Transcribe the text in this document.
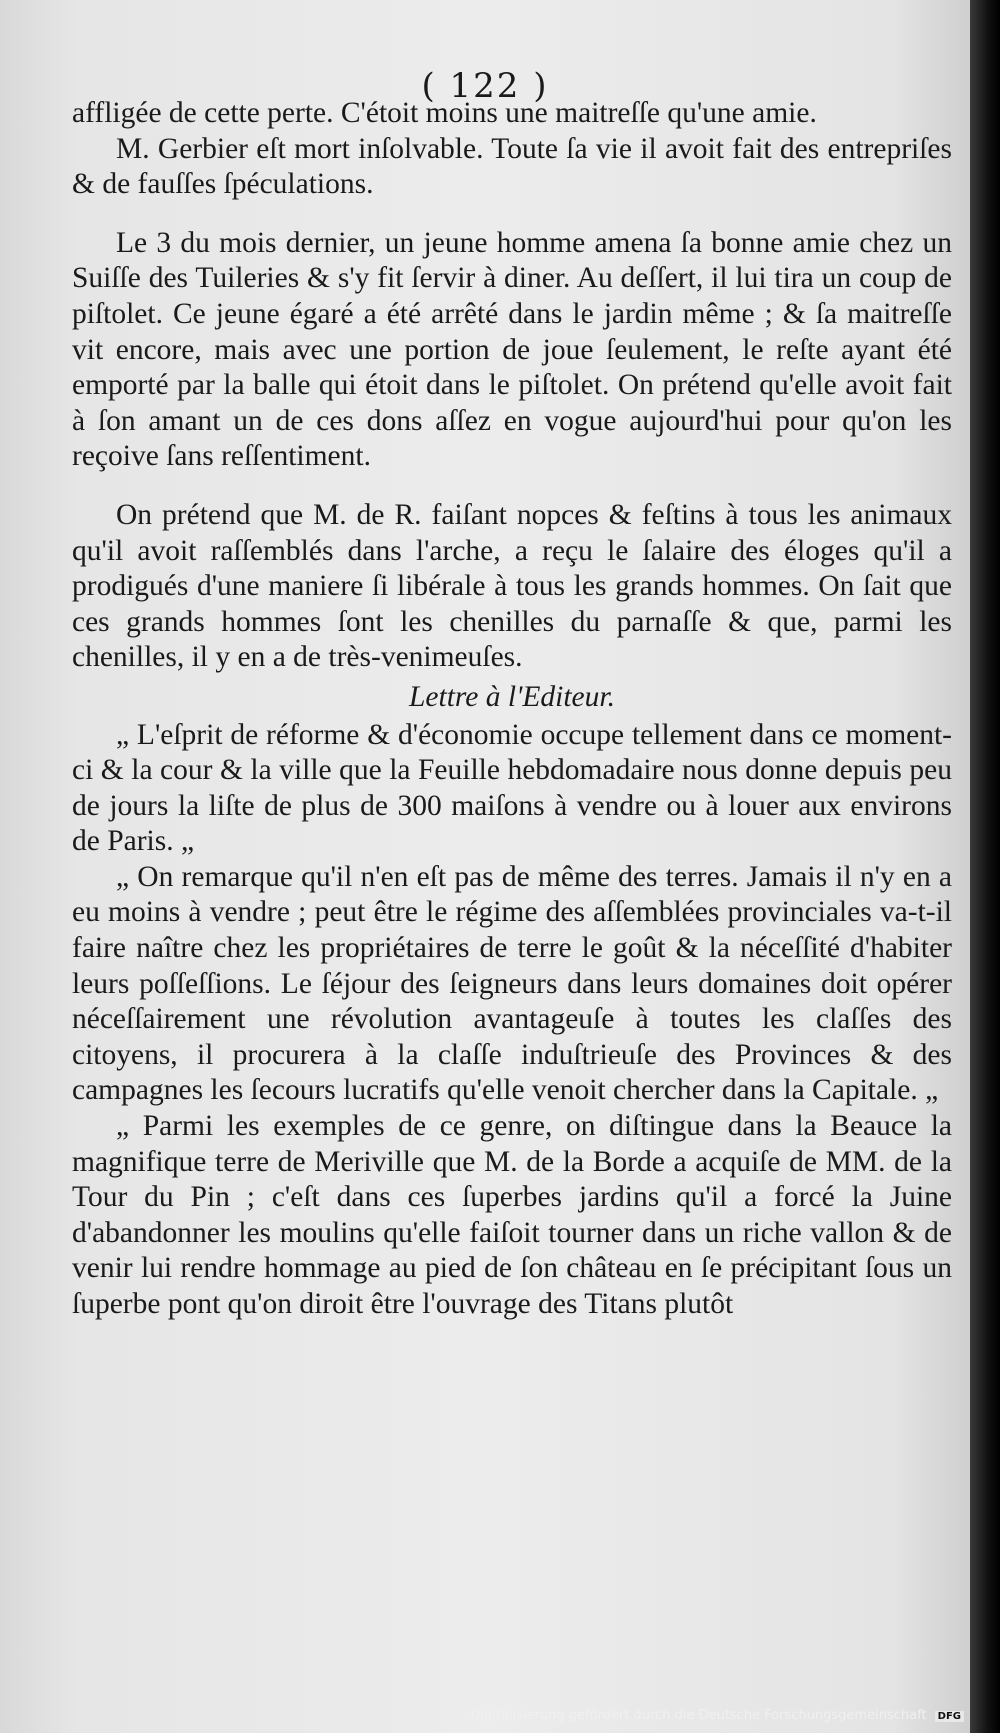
( 122 )

affligée de cette perte. C'étoit moins une maitreſſe qu'une amie.

M. Gerbier eſt mort inſolvable. Toute ſa vie il avoit fait des entrepriſes & de fauſſes ſpéculations.

Le 3 du mois dernier, un jeune homme amena ſa bonne amie chez un Suiſſe des Tuileries & s'y fit ſervir à diner. Au deſſert, il lui tira un coup de piſtolet. Ce jeune égaré a été arrêté dans le jardin même ; & ſa maitreſſe vit encore, mais avec une portion de joue ſeulement, le reſte ayant été emporté par la balle qui étoit dans le piſtolet. On prétend qu'elle avoit fait à ſon amant un de ces dons aſſez en vogue aujourd'hui pour qu'on les reçoive ſans reſſentiment.

On prétend que M. de R. faiſant nopces & feſtins à tous les animaux qu'il avoit raſſemblés dans l'arche, a reçu le ſalaire des éloges qu'il a prodigués d'une maniere ſi libérale à tous les grands hommes. On ſait que ces grands hommes ſont les chenilles du parnaſſe & que, parmi les chenilles, il y en a de très-venimeuſes.

Lettre à l'Editeur.

„ L'eſprit de réforme & d'économie occupe tellement dans ce moment-ci & la cour & la ville que la Feuille hebdomadaire nous donne depuis peu de jours la liſte de plus de 300 maiſons à vendre ou à louer aux environs de Paris. „

„ On remarque qu'il n'en eſt pas de même des terres. Jamais il n'y en a eu moins à vendre ; peut être le régime des aſſemblées provinciales va-t-il faire naître chez les propriétaires de terre le goût & la néceſſité d'habiter leurs poſſeſſions. Le ſéjour des ſeigneurs dans leurs domaines doit opérer néceſſairement une révolution avantageuſe à toutes les claſſes des citoyens, il procurera à la claſſe induſtrieuſe des Provinces & des campagnes les ſecours lucratifs qu'elle venoit chercher dans la Capitale. „

„ Parmi les exemples de ce genre, on diſtingue dans la Beauce la magnifique terre de Meriville que M. de la Borde a acquiſe de MM. de la Tour du Pin ; c'eſt dans ces ſuperbes jardins qu'il a forcé la Juine d'abandonner les moulins qu'elle faiſoit tourner dans un riche vallon & de venir lui rendre hommage au pied de ſon château en ſe précipitant ſous un ſuperbe pont qu'on diroit être l'ouvrage des Titans plutôt

Digitalisierung gefördert durch die Deutsche Forschungsgemeinschaft DFG
